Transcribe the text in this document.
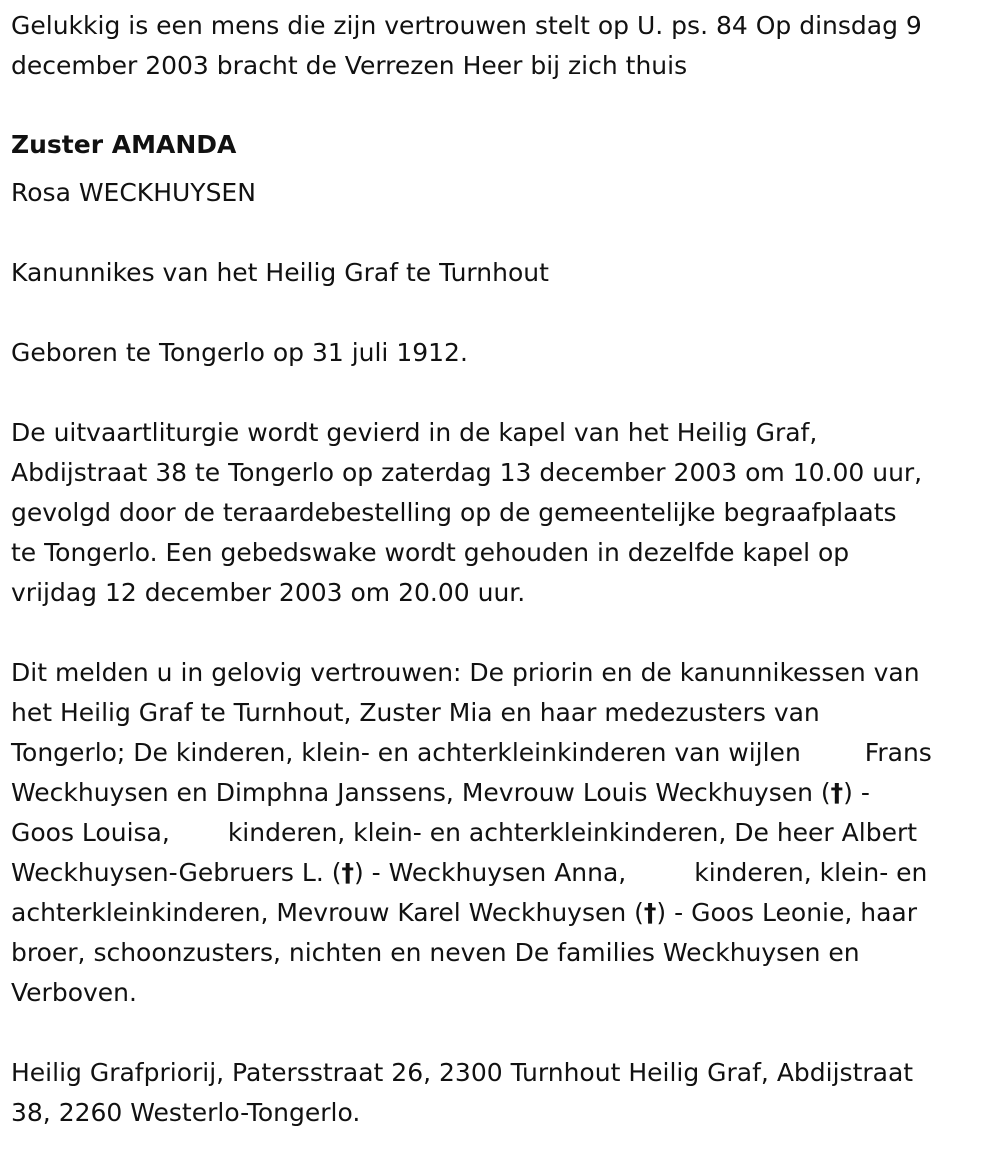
Gelukkig is een mens die zijn vertrouwen stelt op U. ps. 84 Op dinsdag 9
december 2003 bracht de Verrezen Heer bij zich thuis
Zuster AMANDA
Rosa WECKHUYSEN
Kanunnikes van het Heilig Graf te Turnhout
Geboren te Tongerlo op 31 juli 1912.
De uitvaartliturgie wordt gevierd in de kapel van het Heilig Graf,
Abdijstraat 38 te Tongerlo op zaterdag 13 december 2003 om 10.00 uur,
gevolgd door de teraardebestelling op de gemeentelijke begraafplaats
te Tongerlo. Een gebedswake wordt gehouden in dezelfde kapel op
vrijdag 12 december 2003 om 20.00 uur.
Dit melden u in gelovig vertrouwen: De priorin en de kanunnikessen van
het Heilig Graf te Turnhout, Zuster Mia en haar medezusters van
Tongerlo; De kinderen, klein- en achterkleinkinderen van wijlen	Frans
Weckhuysen en Dimphna Janssens, Mevrouw Louis Weckhuysen (†) -
Goos Louisa, kinderen, klein- en achterkleinkinderen, De heer Albert
Weckhuysen-Gebruers L. (†) - Weckhuysen Anna,	kinderen, klein- en
achterkleinkinderen, Mevrouw Karel Weckhuysen (†) - Goos Leonie, haar
broer, schoonzusters, nichten en neven De families Weckhuysen en
Verboven.
Heilig Grafpriorij, Patersstraat 26, 2300 Turnhout Heilig Graf, Abdijstraat
38, 2260 Westerlo-Tongerlo.
